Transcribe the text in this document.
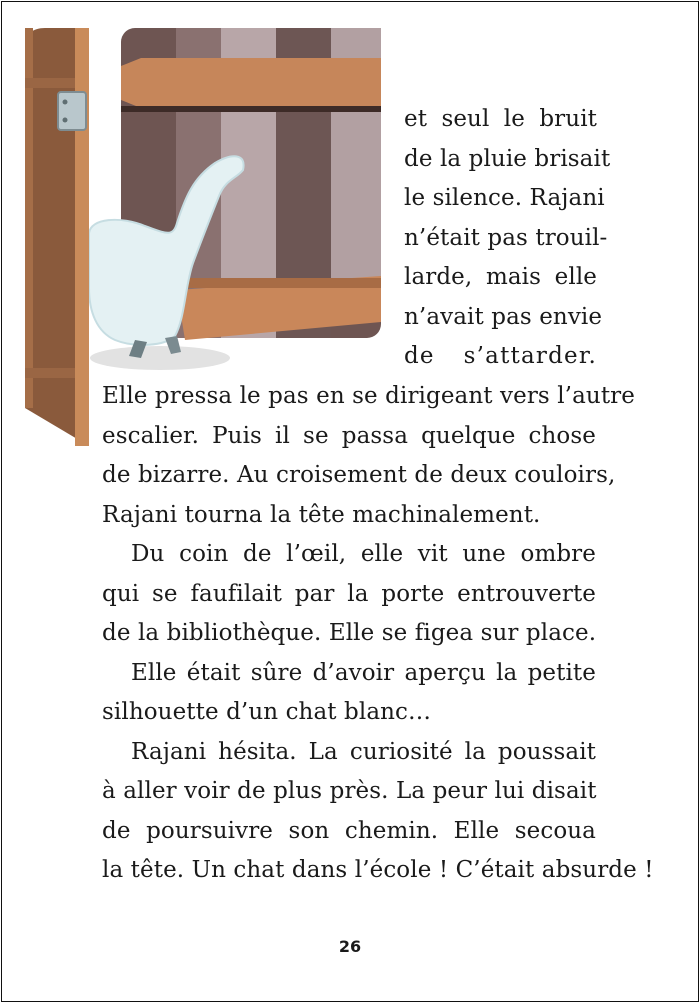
et seul le bruit
de la pluie brisait
le silence. Rajani
n’était pas trouil-
larde, mais elle
n’avait pas envie
de s’attarder.
Elle pressa le pas en se dirigeant vers l’autre
escalier. Puis il se passa quelque chose
de bizarre. Au croisement de deux couloirs,
Rajani tourna la tête machinalement.
Du coin de l’œil, elle vit une ombre
qui se faufilait par la porte entrouverte
de la bibliothèque. Elle se figea sur place.
Elle était sûre d’avoir aperçu la petite
silhouette d’un chat blanc…
Rajani hésita. La curiosité la poussait
à aller voir de plus près. La peur lui disait
de poursuivre son chemin. Elle secoua
la tête. Un chat dans l’école ! C’était absurde !
26
